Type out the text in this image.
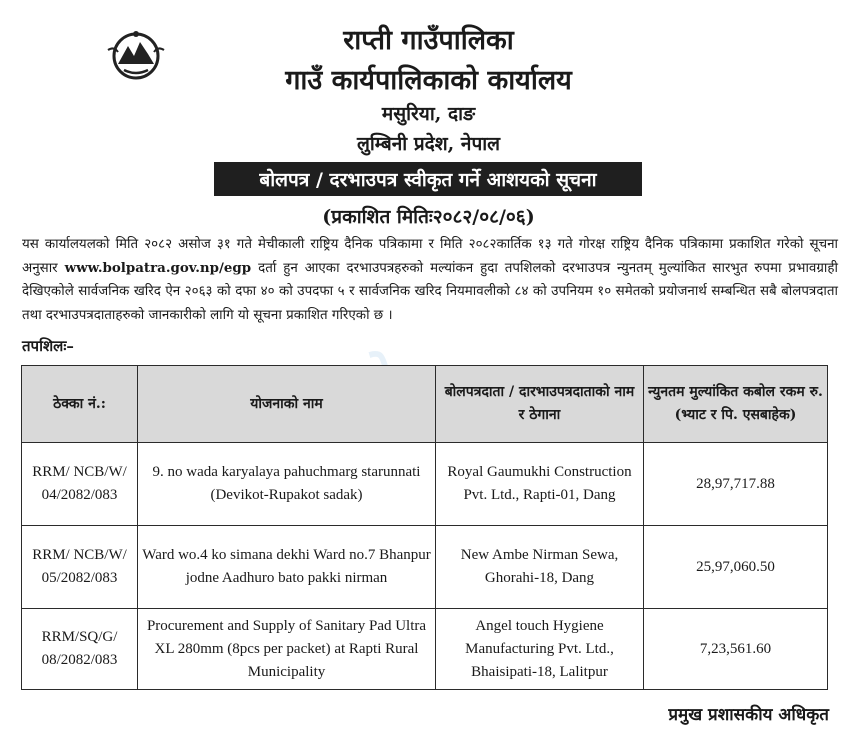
राप्ती गाउँपालिका
गाउँ कार्यपालिकाको कार्यालय
मसुरिया, दाङ
लुम्बिनी प्रदेश, नेपाल
बोलपत्र / दरभाउपत्र स्वीकृत गर्ने आशयको सूचना
(प्रकाशित मितिः२०८२/०८/०६)
यस कार्यालयलको मिति २०८२ असोज ३१ गते मेचीकाली राष्ट्रिय दैनिक पत्रिकामा र मिति २०८२कार्तिक १३ गते गोरक्ष राष्ट्रिय दैनिक पत्रिकामा प्रकाशित गरेको सूचना अनुसार www.bolpatra.gov.np/egp दर्ता हुन आएका दरभाउपत्रहरुको मल्यांकन हुदा तपशिलको दरभाउपत्र न्युनतम् मुल्यांकित सारभुत रुपमा प्रभावग्राही देखिएकोले सार्वजनिक खरिद ऐन २०६३ को दफा ४० को उपदफा ५ र सार्वजनिक खरिद नियमावलीको ८४ को उपनियम १० समेतको प्रयोजनार्थ सम्बन्धित सबै बोलपत्रदाता तथा दरभाउपत्रदाताहरुको जानकारीको लागि यो सूचना प्रकाशित गरिएको छ ।
तपशिलः–
ठेक्का नं.:	योजनाको नाम	बोलपत्रदाता / दारभाउपत्रदाताको नाम र ठेगाना	न्युनतम मुल्यांकित कबोल रकम रु.(भ्याट र पि. एसबाहेक)
RRM/ NCB/W/ 04/2082/083	9. no wada karyalaya pahuchmarg starunnati (Devikot-Rupakot sadak)	Royal Gaumukhi Construction Pvt. Ltd., Rapti-01, Dang	28,97,717.88
RRM/ NCB/W/ 05/2082/083	Ward wo.4 ko simana dekhi Ward no.7 Bhanpur jodne Aadhuro bato pakki nirman	New Ambe Nirman Sewa, Ghorahi-18, Dang	25,97,060.50
RRM/SQ/G/ 08/2082/083	Procurement and Supply of Sanitary Pad Ultra XL 280mm (8pcs per packet) at Rapti Rural Municipality	Angel touch Hygiene Manufacturing Pvt. Ltd., Bhaisipati-18, Lalitpur	7,23,561.60
प्रमुख प्रशासकीय अधिकृत
